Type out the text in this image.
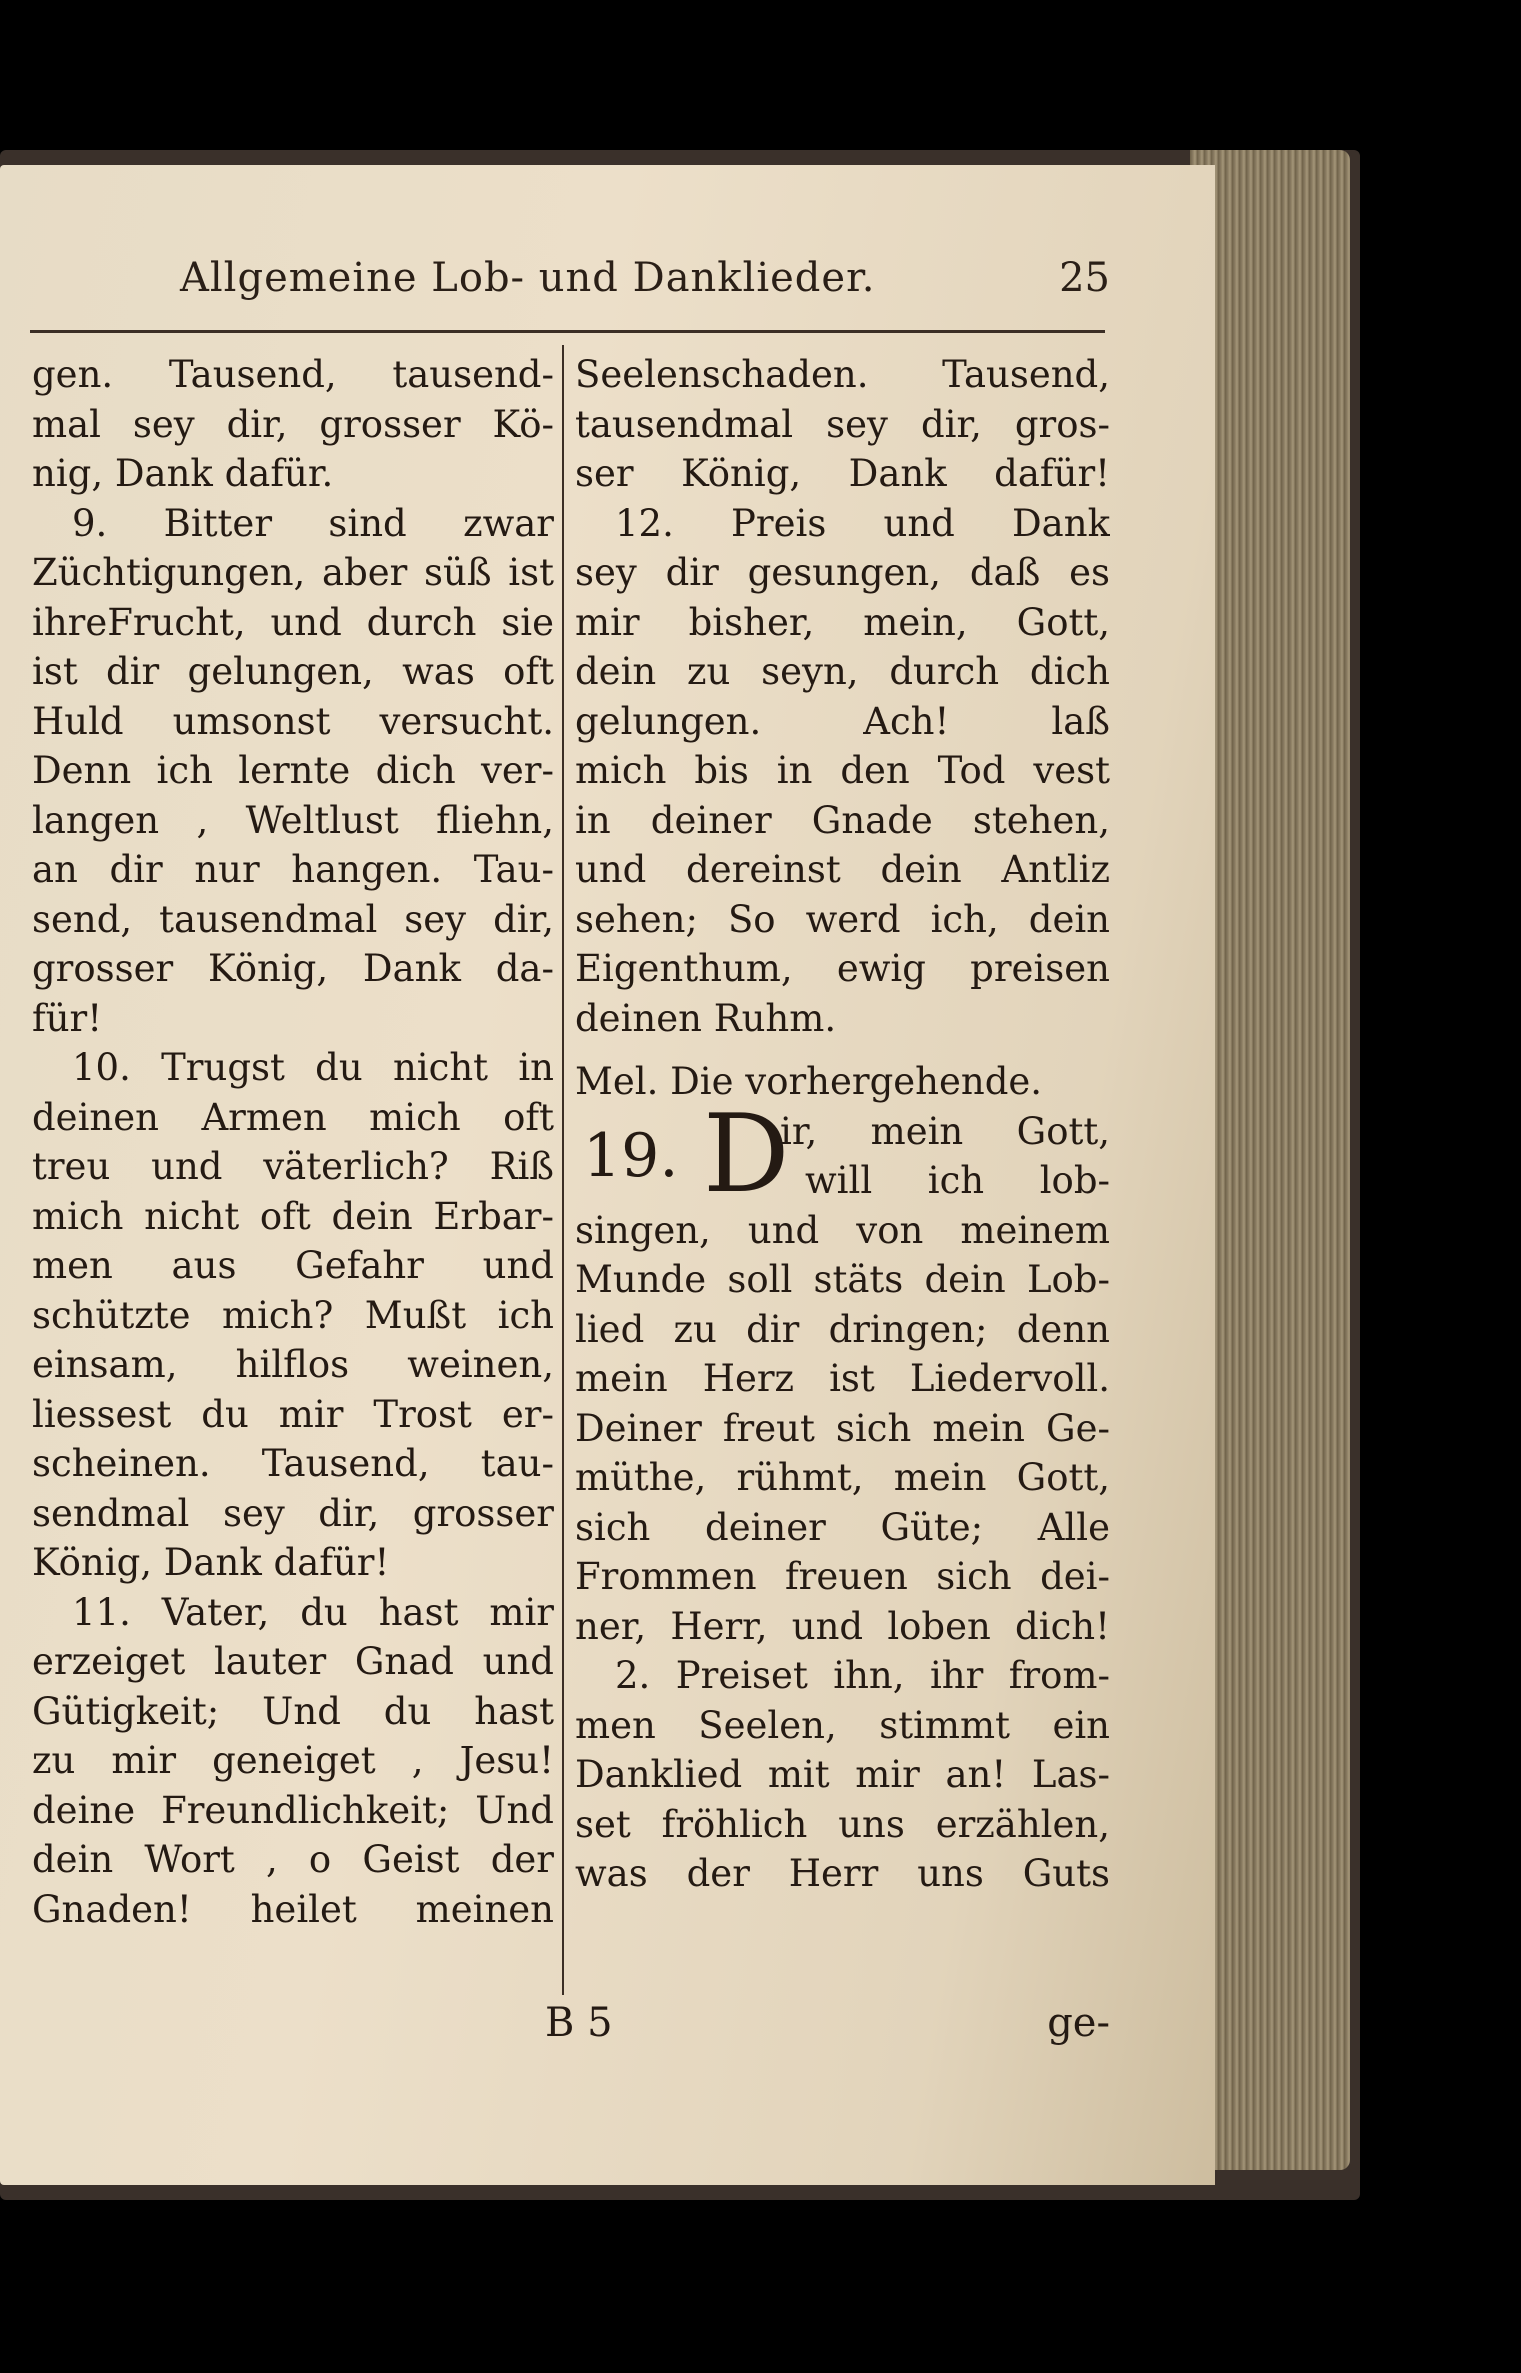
Allgemeine Lob- und Danklieder.	25
gen. Tausend, tausend-
mal sey dir, grosser Kö-
nig, Dank dafür.
9. Bitter sind zwar
Züchtigungen, aber süß ist
ihreFrucht, und durch sie
ist dir gelungen, was oft
Huld umsonst versucht.
Denn ich lernte dich ver-
langen , Weltlust fliehn,
an dir nur hangen. Tau-
send, tausendmal sey dir,
grosser König, Dank da-
für!
10. Trugst du nicht in
deinen Armen mich oft
treu und väterlich? Riß
mich nicht oft dein Erbar-
men aus Gefahr und
schützte mich? Mußt ich
einsam, hilflos weinen,
liessest du mir Trost er-
scheinen. Tausend, tau-
sendmal sey dir, grosser
König, Dank dafür!
11. Vater, du hast mir
erzeiget lauter Gnad und
Gütigkeit; Und du hast
zu mir geneiget , Jesu!
deine Freundlichkeit; Und
dein Wort , o Geist der
Gnaden! heilet meinen
Seelenschaden. Tausend,
tausendmal sey dir, gros-
ser König, Dank dafür!
12. Preis und Dank
sey dir gesungen, daß es
mir bisher, mein, Gott,
dein zu seyn, durch dich
gelungen. Ach! laß
mich bis in den Tod vest
in deiner Gnade stehen,
und dereinst dein Antliz
sehen; So werd ich, dein
Eigenthum, ewig preisen
deinen Ruhm.
Mel. Die vorhergehende.
19. D
ir, mein Gott,
will ich lob-
singen, und von meinem
Munde soll stäts dein Lob-
lied zu dir dringen; denn
mein Herz ist Liedervoll.
Deiner freut sich mein Ge-
müthe, rühmt, mein Gott,
sich deiner Güte; Alle
Frommen freuen sich dei-
ner, Herr, und loben dich!
2. Preiset ihn, ihr from-
men Seelen, stimmt ein
Danklied mit mir an! Las-
set fröhlich uns erzählen,
was der Herr uns Guts
B 5	ge-
